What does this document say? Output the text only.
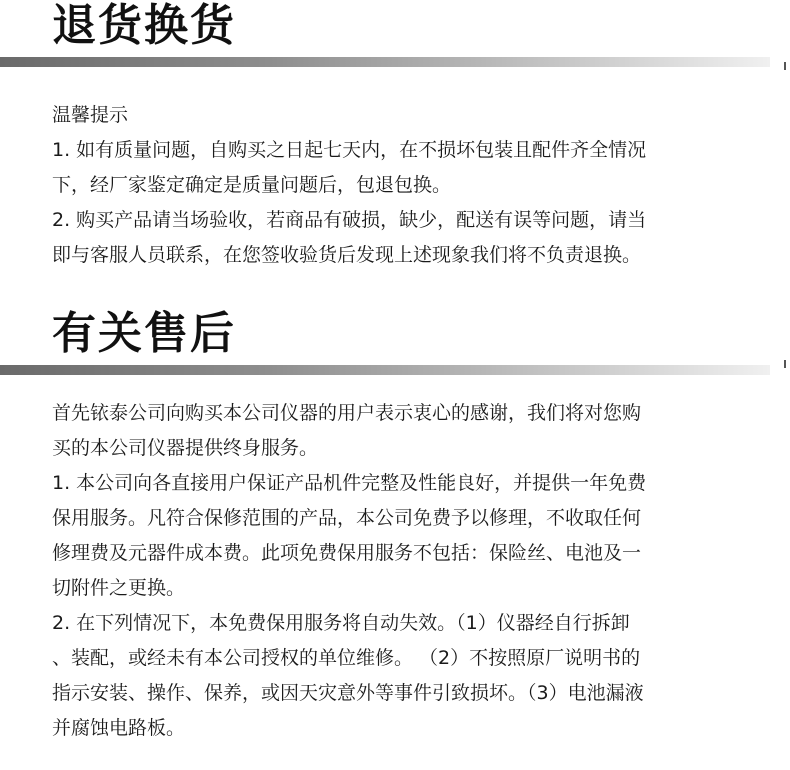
退货换货
温馨提示
1. 如有质量问题，自购买之日起七天内，在不损坏包装且配件齐全情况
下，经厂家鉴定确定是质量问题后，包退包换。
2. 购买产品请当场验收，若商品有破损，缺少，配送有误等问题，请当
即与客服人员联系，在您签收验货后发现上述现象我们将不负责退换。
有关售后
首先铱泰公司向购买本公司仪器的用户表示衷心的感谢，我们将对您购
买的本公司仪器提供终身服务。
1. 本公司向各直接用户保证产品机件完整及性能良好，并提供一年免费
保用服务。凡符合保修范围的产品，本公司免费予以修理，不收取任何
修理费及元器件成本费。此项免费保用服务不包括：保险丝、电池及一
切附件之更换。
2. 在下列情况下，本免费保用服务将自动失效。（1）仪器经自行拆卸
、装配，或经未有本公司授权的单位维修。 （2）不按照原厂说明书的
指示安装、操作、保养，或因天灾意外等事件引致损坏。（3）电池漏液
并腐蚀电路板。
